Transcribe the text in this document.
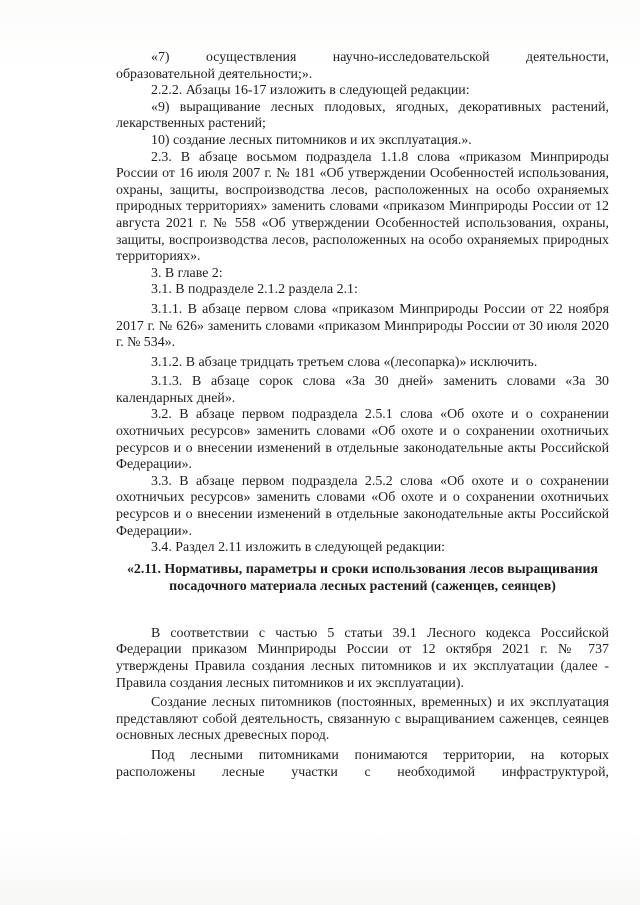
«7) осуществления научно-исследовательской деятельности, образовательной деятельности;».

2.2.2. Абзацы 16-17 изложить в следующей редакции:

«9) выращивание лесных плодовых, ягодных, декоративных растений, лекарственных растений;

10) создание лесных питомников и их эксплуатация.».

2.3. В абзаце восьмом подраздела 1.1.8 слова «приказом Минприроды России от 16 июля 2007 г. № 181 «Об утверждении Особенностей использования, охраны, защиты, воспроизводства лесов, расположенных на особо охраняемых природных территориях» заменить словами «приказом Минприроды России от 12 августа 2021 г. № 558 «Об утверждении Особенностей использования, охраны, защиты, воспроизводства лесов, расположенных на особо охраняемых природных территориях».

3. В главе 2:

3.1. В подразделе 2.1.2 раздела 2.1:

3.1.1. В абзаце первом слова «приказом Минприроды России от 22 ноября 2017 г. № 626» заменить словами «приказом Минприроды России от 30 июля 2020 г. № 534».

3.1.2. В абзаце тридцать третьем слова «(лесопарка)» исключить.

3.1.3. В абзаце сорок слова «За 30 дней» заменить словами «За 30 календарных дней».

3.2. В абзаце первом подраздела 2.5.1 слова «Об охоте и о сохранении охотничьих ресурсов» заменить словами «Об охоте и о сохранении охотничьих ресурсов и о внесении изменений в отдельные законодательные акты Российской Федерации».

3.3. В абзаце первом подраздела 2.5.2 слова «Об охоте и о сохранении охотничьих ресурсов» заменить словами «Об охоте и о сохранении охотничьих ресурсов и о внесении изменений в отдельные законодательные акты Российской Федерации».

3.4. Раздел 2.11 изложить в следующей редакции:

«2.11. Нормативы, параметры и сроки использования лесов выращивания посадочного материала лесных растений (саженцев, сеянцев)

В соответствии с частью 5 статьи 39.1 Лесного кодекса Российской Федерации приказом Минприроды России от 12 октября 2021 г. № 737 утверждены Правила создания лесных питомников и их эксплуатации (далее - Правила создания лесных питомников и их эксплуатации).

Создание лесных питомников (постоянных, временных) и их эксплуатация представляют собой деятельность, связанную с выращиванием саженцев, сеянцев основных лесных древесных пород.

Под лесными питомниками понимаются территории, на которых расположены лесные участки с необходимой инфраструктурой,
